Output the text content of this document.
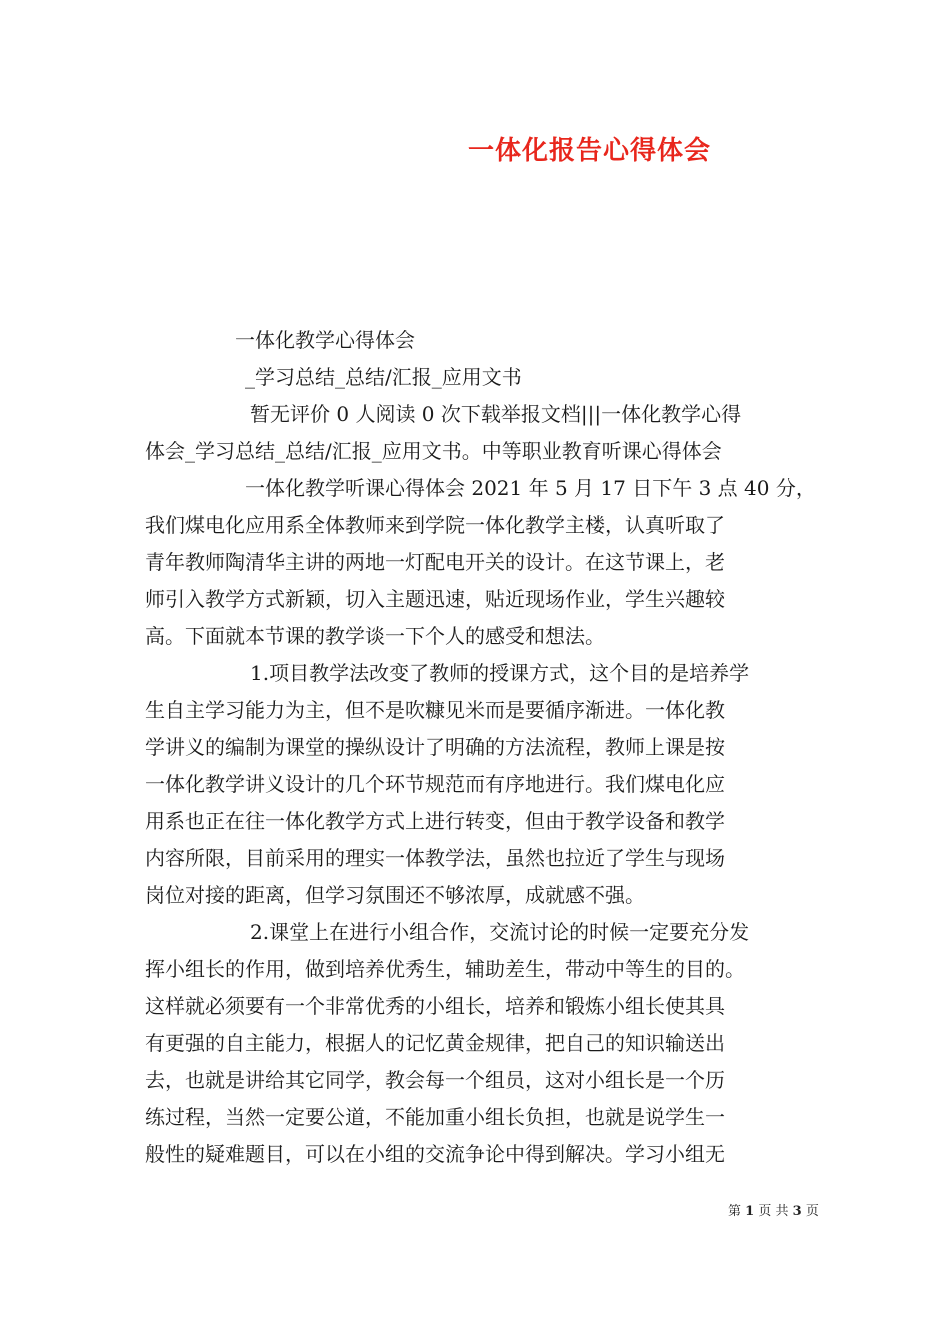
一体化报告心得体会
一体化教学心得体会
_学习总结_总结/汇报_应用文书
暂无评价 0 人阅读 0 次下载举报文档|||一体化教学心得
体会_学习总结_总结/汇报_应用文书。中等职业教育听课心得体会
一体化教学听课心得体会 2021 年 5 月 17 日下午 3 点 40 分，
我们煤电化应用系全体教师来到学院一体化教学主楼，认真听取了
青年教师陶清华主讲的两地一灯配电开关的设计。在这节课上，老
师引入教学方式新颖，切入主题迅速，贴近现场作业，学生兴趣较
高。下面就本节课的教学谈一下个人的感受和想法。
1.项目教学法改变了教师的授课方式，这个目的是培养学
生自主学习能力为主，但不是吹糠见米而是要循序渐进。一体化教
学讲义的编制为课堂的操纵设计了明确的方法流程，教师上课是按
一体化教学讲义设计的几个环节规范而有序地进行。我们煤电化应
用系也正在往一体化教学方式上进行转变，但由于教学设备和教学
内容所限，目前采用的理实一体教学法，虽然也拉近了学生与现场
岗位对接的距离，但学习氛围还不够浓厚，成就感不强。
2.课堂上在进行小组合作，交流讨论的时候一定要充分发
挥小组长的作用，做到培养优秀生，辅助差生，带动中等生的目的。
这样就必须要有一个非常优秀的小组长，培养和锻炼小组长使其具
有更强的自主能力，根据人的记忆黄金规律，把自己的知识输送出
去，也就是讲给其它同学，教会每一个组员，这对小组长是一个历
练过程，当然一定要公道，不能加重小组长负担，也就是说学生一
般性的疑难题目，可以在小组的交流争论中得到解决。学习小组无
第 1 页 共 3 页
